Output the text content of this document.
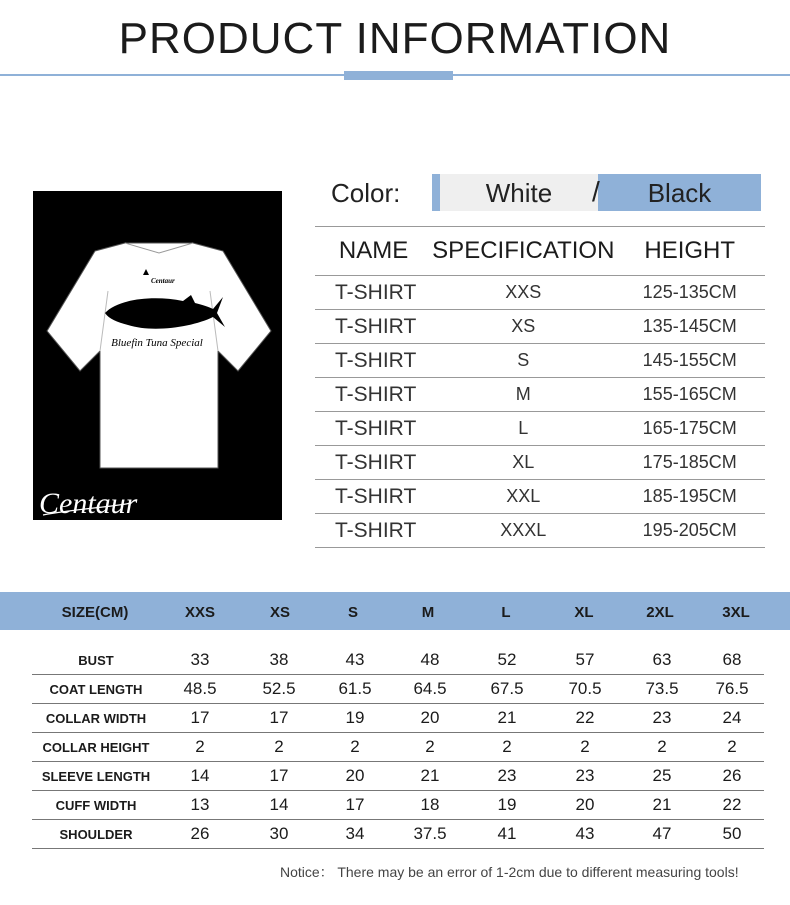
PRODUCT INFORMATION
Centaur
Bluefin Tuna Special
Centaur
Color:	White	Black
/
NAME	SPECIFICATION	HEIGHT
T-SHIRT	XXS	125-135CM
T-SHIRT	XS	135-145CM
T-SHIRT	S	145-155CM
T-SHIRT	M	155-165CM
T-SHIRT	L	165-175CM
T-SHIRT	XL	175-185CM
T-SHIRT	XXL	185-195CM
T-SHIRT	XXXL	195-205CM
SIZE(CM)	XXS	XS	S	M	L	XL	2XL	3XL
BUST	33	38	43	48	52	57	63	68
COAT LENGTH	48.5	52.5	61.5	64.5	67.5	70.5	73.5	76.5
COLLAR WIDTH	17	17	19	20	21	22	23	24
COLLAR HEIGHT	2	2	2	2	2	2	2	2
SLEEVE LENGTH	14	17	20	21	23	23	25	26
CUFF WIDTH	13	14	17	18	19	20	21	22
SHOULDER	26	30	34	37.5	41	43	47	50
Notice： There may be an error of 1-2cm due to different measuring tools!
